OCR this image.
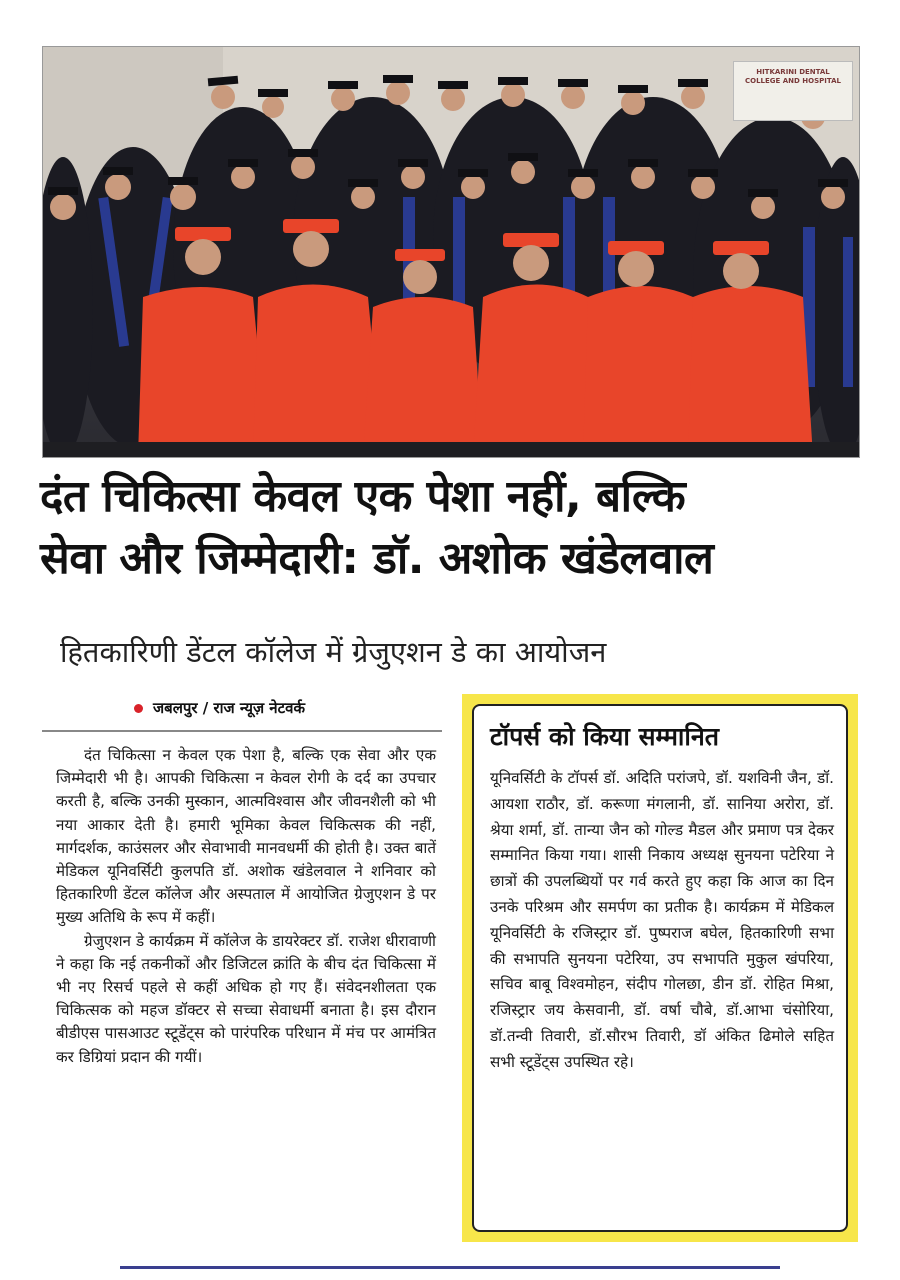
HITKARINI DENTAL COLLEGE AND HOSPITAL
दंत चिकित्सा केवल एक पेशा नहीं, बल्कि
सेवा और जिम्मेदारी: डॉ. अशोक खंडेलवाल
हितकारिणी डेंटल कॉलेज में ग्रेजुएशन डे का आयोजन
जबलपुर / राज न्यूज़ नेटवर्क

दंत चिकित्सा न केवल एक पेशा है, बल्कि एक सेवा और एक जिम्मेदारी भी है। आपकी चिकित्सा न केवल रोगी के दर्द का उपचार करती है, बल्कि उनकी मुस्कान, आत्मविश्वास और जीवनशैली को भी नया आकार देती है। हमारी भूमिका केवल चिकित्सक की नहीं, मार्गदर्शक, काउंसलर और सेवाभावी मानवधर्मी की होती है। उक्त बातें मेडिकल यूनिवर्सिटी कुलपति डॉ. अशोक खंडेलवाल ने शनिवार को हितकारिणी डेंटल कॉलेज और अस्पताल में आयोजित ग्रेजुएशन डे पर मुख्य अतिथि के रूप में कहीं।

ग्रेजुएशन डे कार्यक्रम में कॉलेज के डायरेक्टर डॉ. राजेश धीरावाणी ने कहा कि नई तकनीकों और डिजिटल क्रांति के बीच दंत चिकित्सा में भी नए रिसर्च पहले से कहीं अधिक हो गए हैं। संवेदनशीलता एक चिकित्सक को महज डॉक्टर से सच्चा सेवाधर्मी बनाता है। इस दौरान बीडीएस पासआउट स्टूडेंट्स को पारंपरिक परिधान में मंच पर आमंत्रित कर डिग्रियां प्रदान की गयीं।

टॉपर्स को किया सम्मानित
यूनिवर्सिटी के टॉपर्स डॉ. अदिति परांजपे, डॉ. यशविनी जैन, डॉ. आयशा राठौर, डॉ. करूणा मंगलानी, डॉ. सानिया अरोरा, डॉ. श्रेया शर्मा, डॉ. तान्या जैन को गोल्ड मैडल और प्रमाण पत्र देकर सम्मानित किया गया। शासी निकाय अध्यक्ष सुनयना पटेरिया ने छात्रों की उपलब्धियों पर गर्व करते हुए कहा कि आज का दिन उनके परिश्रम और समर्पण का प्रतीक है। कार्यक्रम में मेडिकल यूनिवर्सिटी के रजिस्ट्रार डॉ. पुष्पराज बघेल, हितकारिणी सभा की सभापति सुनयना पटेरिया, उप सभापति मुकुल खंपरिया, सचिव बाबू विश्वमोहन, संदीप गोलछा, डीन डॉ. रोहित मिश्रा, रजिस्ट्रार जय केसवानी, डॉ. वर्षा चौबे, डॉ.आभा चंसोरिया, डॉ.तन्वी तिवारी, डॉ.सौरभ तिवारी, डॉ अंकित ढिमोले सहित सभी स्टूडेंट्स उपस्थित रहे।
